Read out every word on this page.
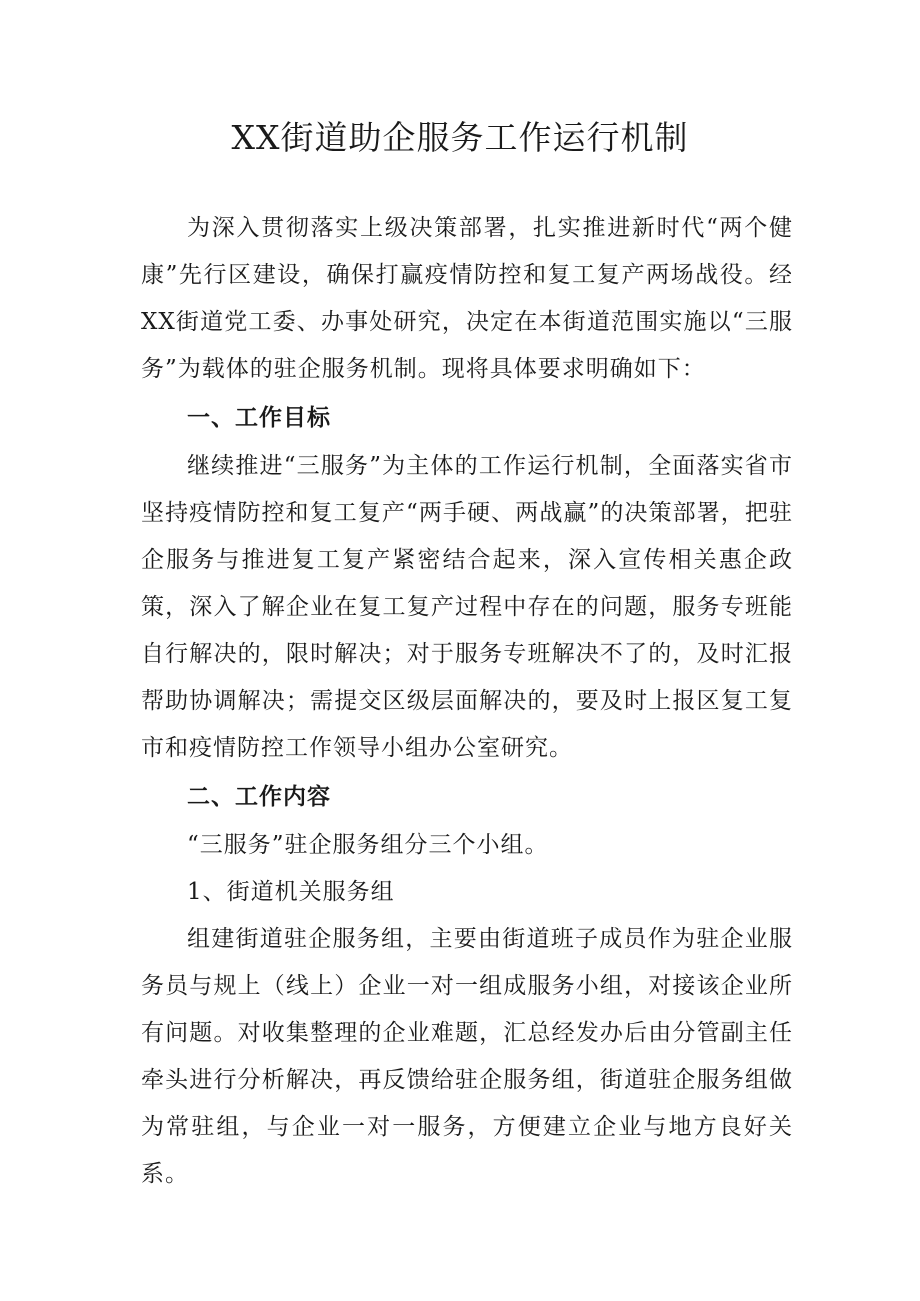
XX街道助企服务工作运行机制

为深入贯彻落实上级决策部署，扎实推进新时代“两个健康”先行区建设，确保打赢疫情防控和复工复产两场战役。经XX街道党工委、办事处研究，决定在本街道范围实施以“三服务”为载体的驻企服务机制。现将具体要求明确如下：

一、工作目标

继续推进“三服务”为主体的工作运行机制，全面落实省市坚持疫情防控和复工复产“两手硬、两战赢”的决策部署，把驻企服务与推进复工复产紧密结合起来，深入宣传相关惠企政策，深入了解企业在复工复产过程中存在的问题，服务专班能自行解决的，限时解决；对于服务专班解决不了的，及时汇报帮助协调解决；需提交区级层面解决的，要及时上报区复工复市和疫情防控工作领导小组办公室研究。

二、工作内容

“三服务”驻企服务组分三个小组。

1、街道机关服务组

组建街道驻企服务组，主要由街道班子成员作为驻企业服务员与规上（线上）企业一对一组成服务小组，对接该企业所有问题。对收集整理的企业难题，汇总经发办后由分管副主任牵头进行分析解决，再反馈给驻企服务组，街道驻企服务组做为常驻组，与企业一对一服务，方便建立企业与地方良好关系。
